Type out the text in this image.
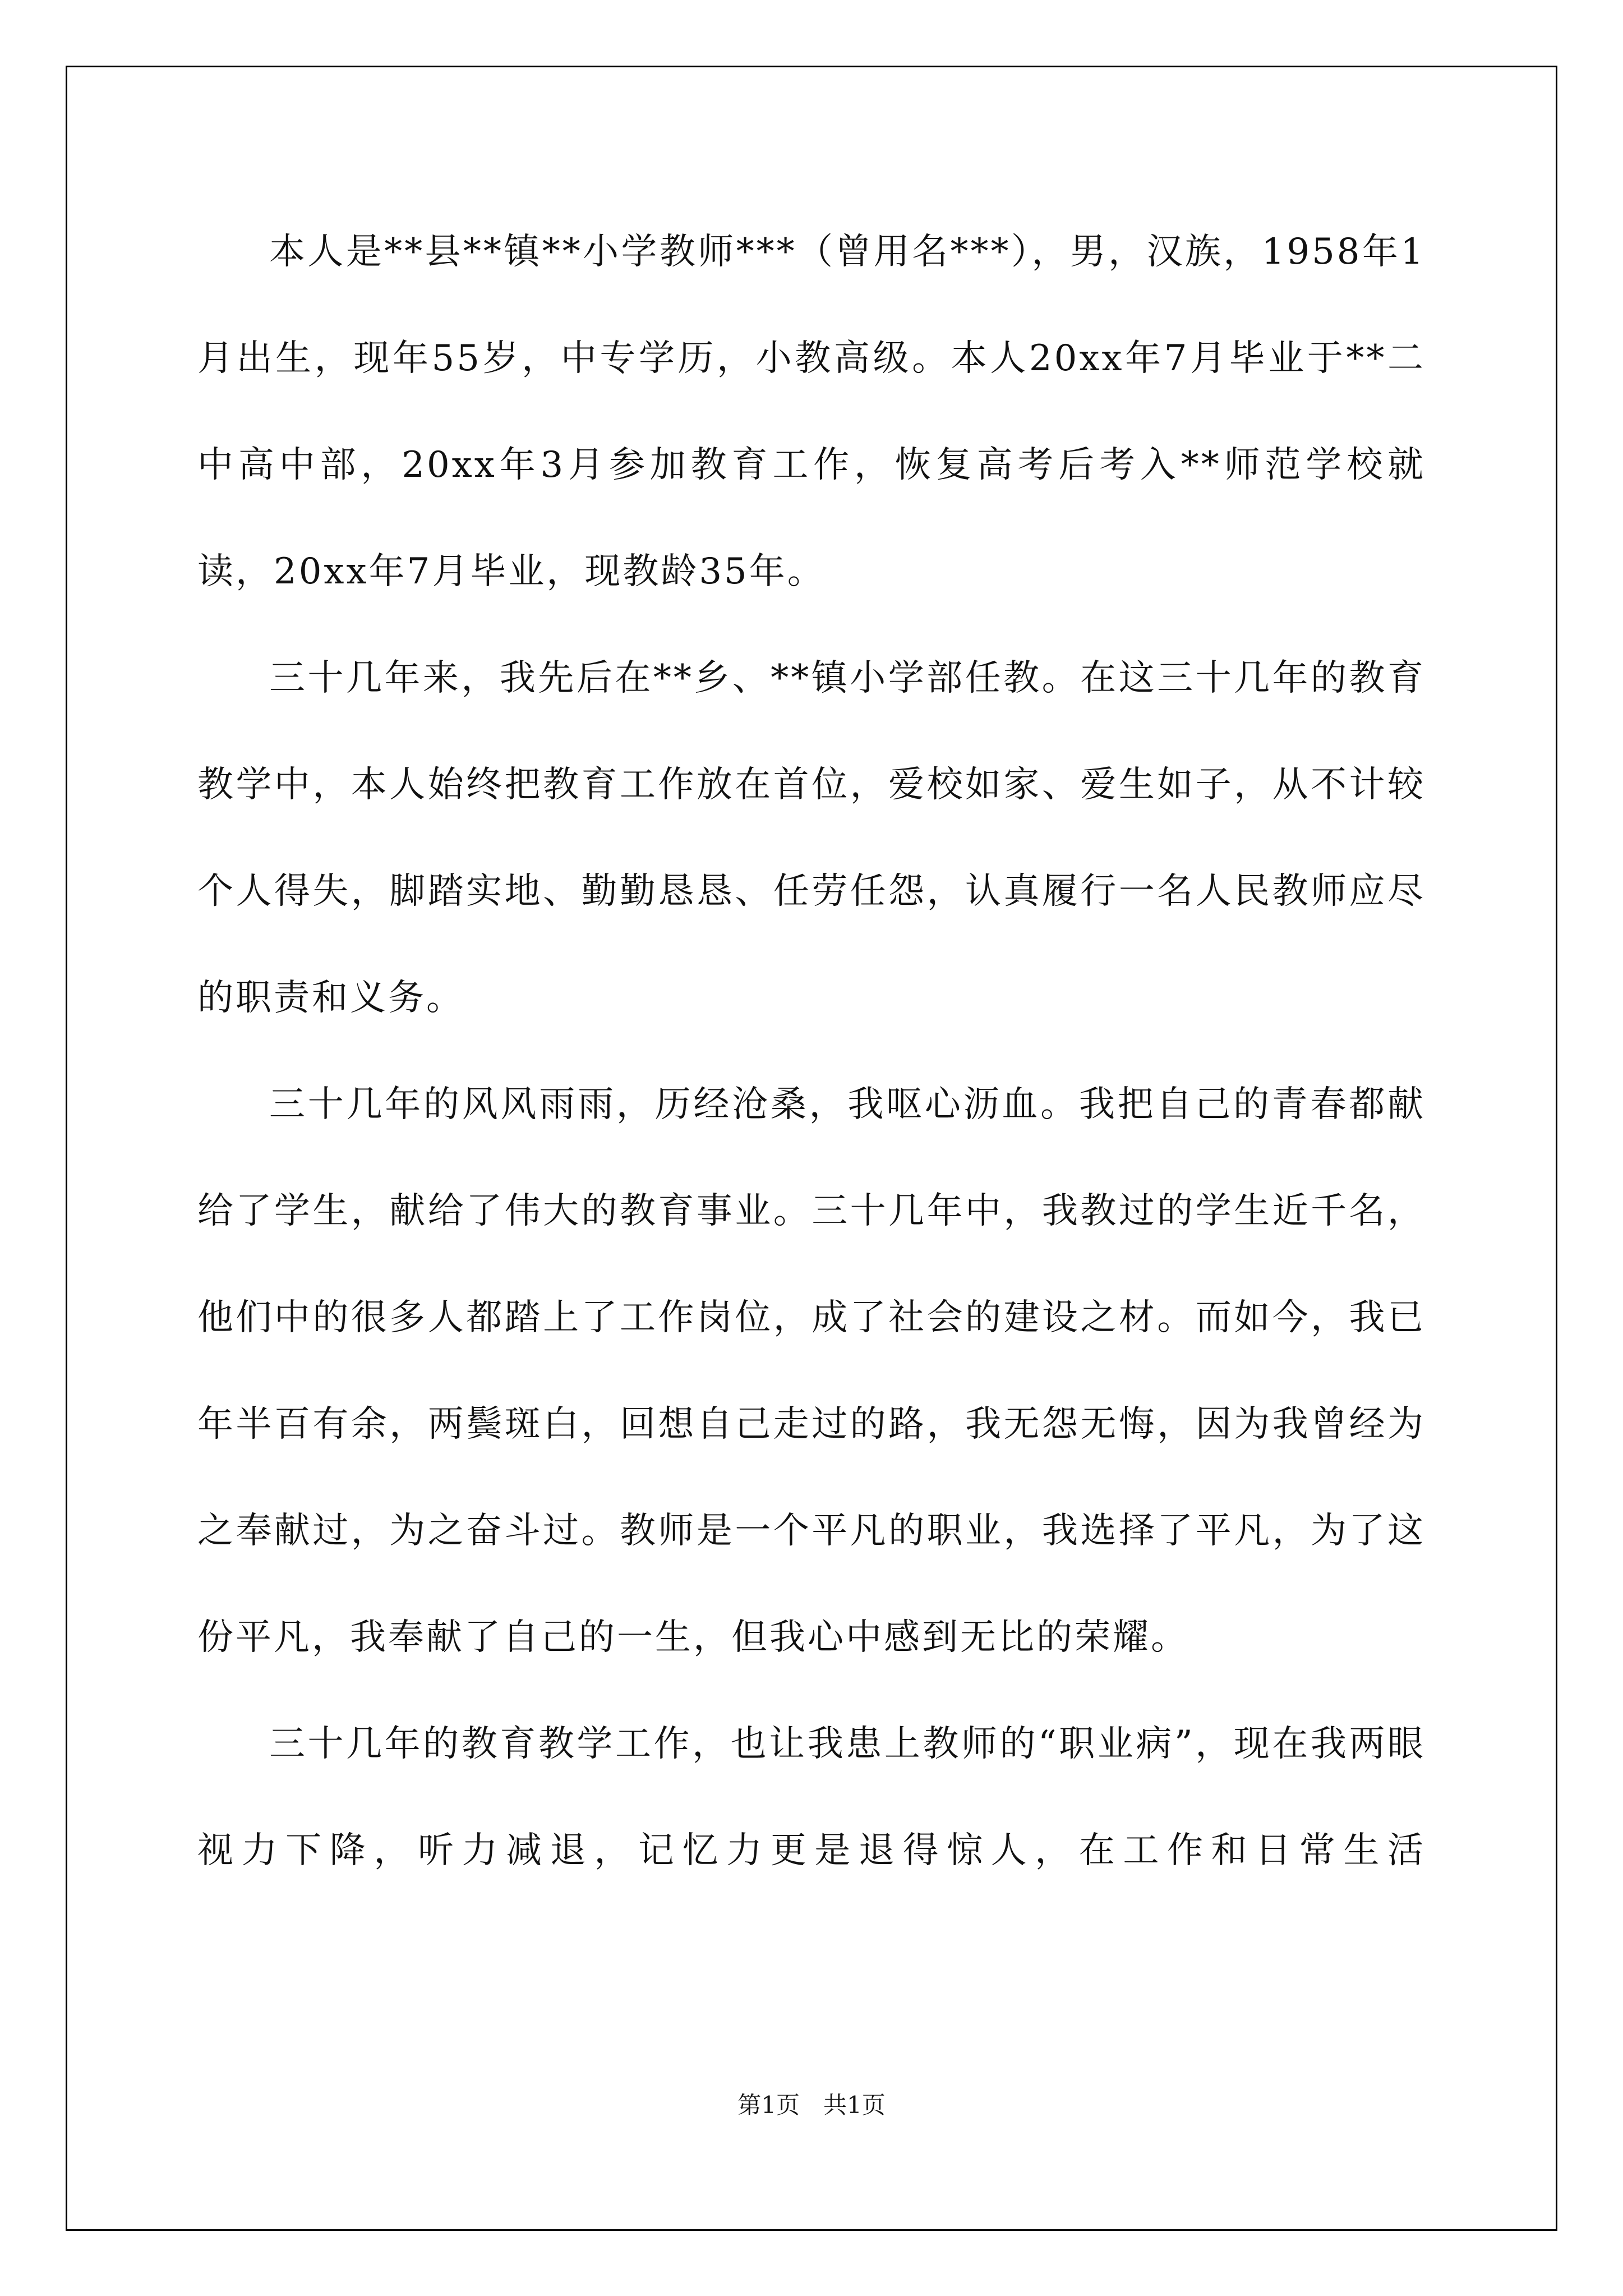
本人是**县**镇**小学教师***（曾用名***），男，汉族，1958年1月出生，现年55岁，中专学历，小教高级。本人20xx年7月毕业于**二中高中部，20xx年3月参加教育工作，恢复高考后考入**师范学校就读，20xx年7月毕业，现教龄35年。

三十几年来，我先后在**乡、**镇小学部任教。在这三十几年的教育教学中，本人始终把教育工作放在首位，爱校如家、爱生如子，从不计较个人得失，脚踏实地、勤勤恳恳、任劳任怨，认真履行一名人民教师应尽的职责和义务。

三十几年的风风雨雨，历经沧桑，我呕心沥血。我把自己的青春都献给了学生，献给了伟大的教育事业。三十几年中，我教过的学生近千名，他们中的很多人都踏上了工作岗位，成了社会的建设之材。而如今，我已年半百有余，两鬓斑白，回想自己走过的路，我无怨无悔，因为我曾经为之奉献过，为之奋斗过。教师是一个平凡的职业，我选择了平凡，为了这份平凡，我奉献了自己的一生，但我心中感到无比的荣耀。

三十几年的教育教学工作，也让我患上教师的“职业病”，现在我两眼视力下降，听力减退，记忆力更是退得惊人，在工作和日常生活

第1页　共1页
